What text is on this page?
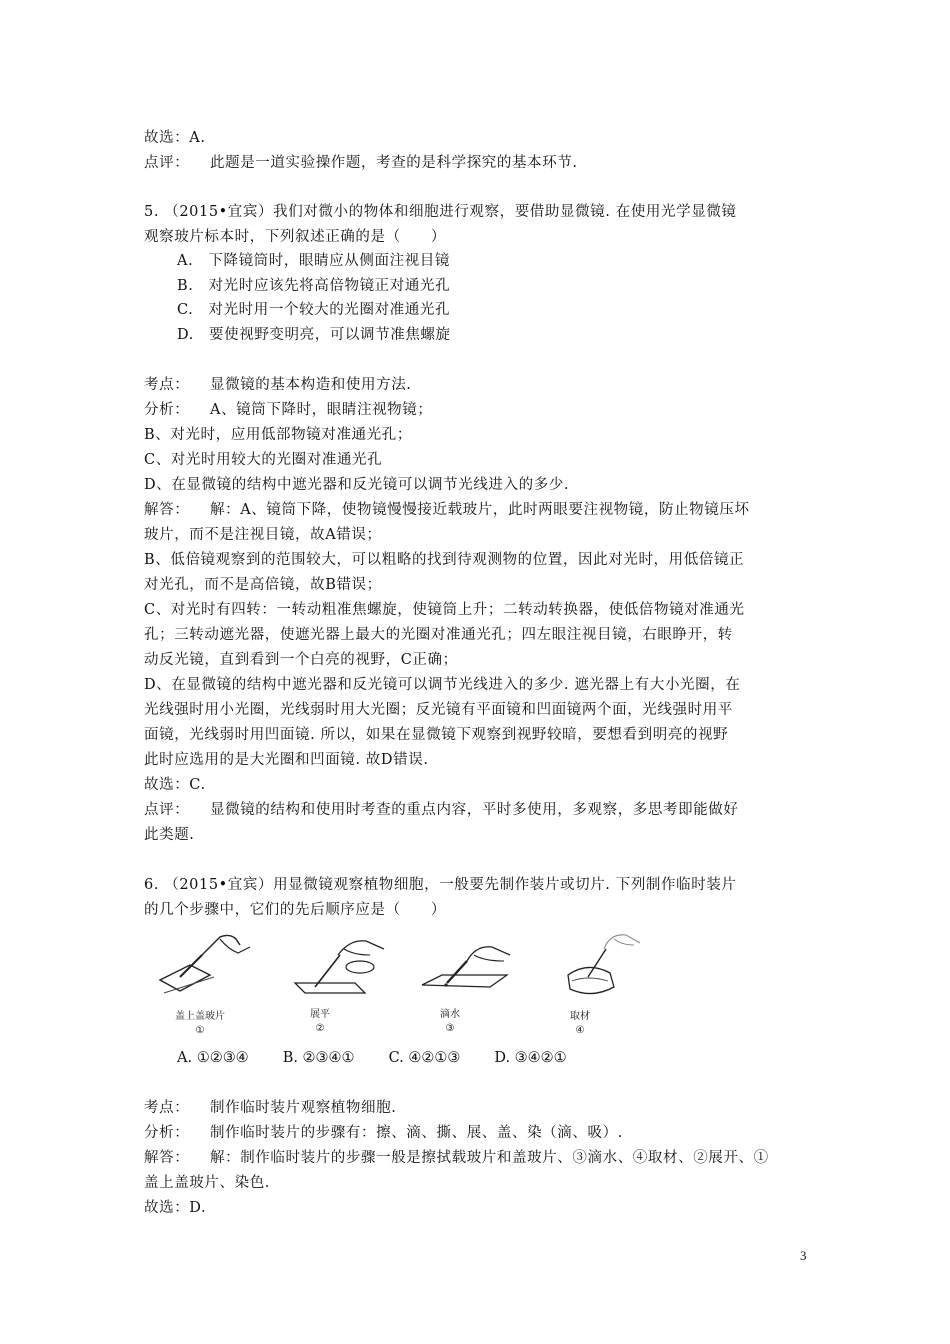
故选：A.
点评： 此题是一道实验操作题，考查的是科学探究的基本环节.
5. （2015•宜宾）我们对微小的物体和细胞进行观察，要借助显微镜. 在使用光学显微镜
观察玻片标本时，下列叙述正确的是（　　）
A.　下降镜筒时，眼睛应从侧面注视目镜
B.　对光时应该先将高倍物镜正对通光孔
C.　对光时用一个较大的光圈对准通光孔
D.　要使视野变明亮，可以调节准焦螺旋
考点： 显微镜的基本构造和使用方法.
分析： A、镜筒下降时，眼睛注视物镜；
B、对光时，应用低部物镜对准通光孔；
C、对光时用较大的光圈对准通光孔
D、在显微镜的结构中遮光器和反光镜可以调节光线进入的多少.
解答： 解：A、镜筒下降，使物镜慢慢接近载玻片，此时两眼要注视物镜，防止物镜压坏
玻片，而不是注视目镜，故A错误；
B、低倍镜观察到的范围较大，可以粗略的找到待观测物的位置，因此对光时，用低倍镜正
对光孔，而不是高倍镜，故B错误；
C、对光时有四转：一转动粗准焦螺旋，使镜筒上升；二转动转换器，使低倍物镜对准通光
孔；三转动遮光器，使遮光器上最大的光圈对准通光孔；四左眼注视目镜，右眼睁开，转
动反光镜，直到看到一个白亮的视野，C正确；
D、在显微镜的结构中遮光器和反光镜可以调节光线进入的多少. 遮光器上有大小光圈，在
光线强时用小光圈，光线弱时用大光圈；反光镜有平面镜和凹面镜两个面，光线强时用平
面镜，光线弱时用凹面镜. 所以，如果在显微镜下观察到视野较暗，要想看到明亮的视野
此时应选用的是大光圈和凹面镜. 故D错误.
故选：C.
点评： 显微镜的结构和使用时考查的重点内容，平时多使用，多观察，多思考即能做好
此类题.
6. （2015•宜宾）用显微镜观察植物细胞，一般要先制作装片或切片. 下列制作临时装片
的几个步骤中，它们的先后顺序应是（　　）
盖上盖玻片
①
展平
②
滴水
③
取材
④
A. ①②③④ B. ②③④① C. ④②①③ D. ③④②①
考点： 制作临时装片观察植物细胞.
分析： 制作临时装片的步骤有：擦、滴、撕、展、盖、染（滴、吸）.
解答： 解：制作临时装片的步骤一般是擦拭载玻片和盖玻片、③滴水、④取材、②展开、①
盖上盖玻片、染色.
故选：D.
3
